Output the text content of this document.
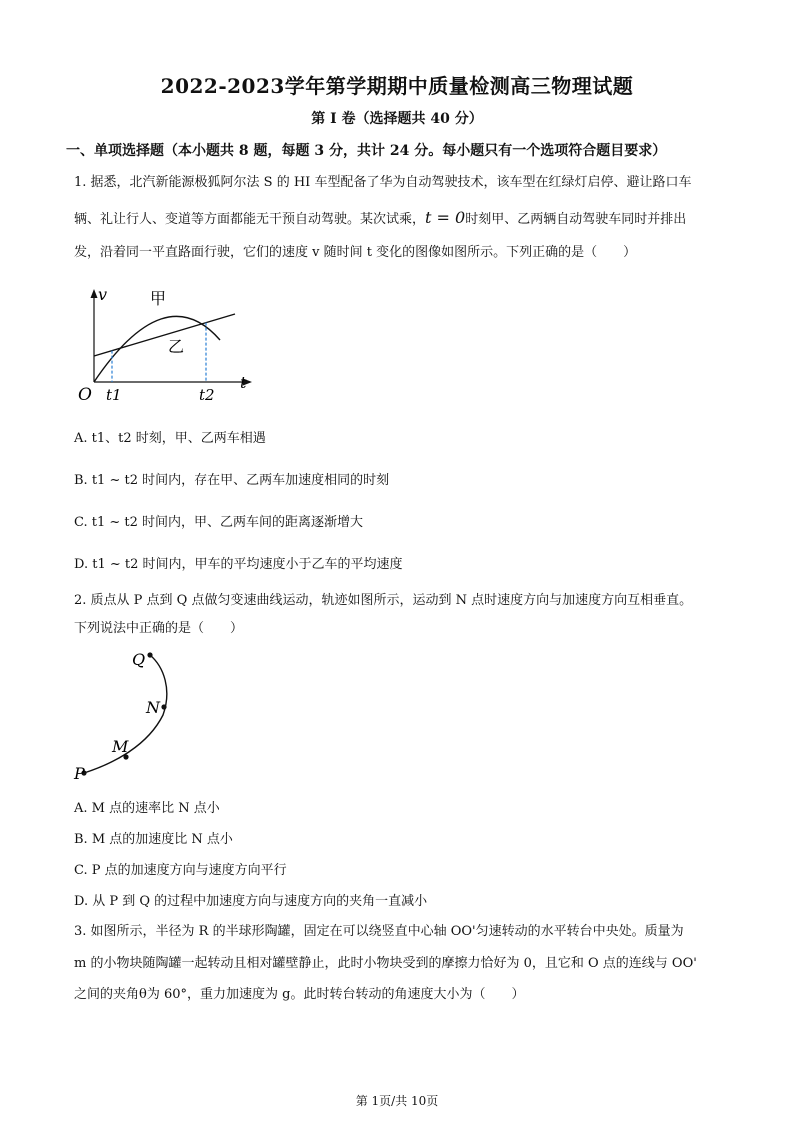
2022-2023学年第学期期中质量检测高三物理试题
第 I 卷（选择题共 40 分）
一、单项选择题（本小题共 8 题，每题 3 分，共计 24 分。每小题只有一个选项符合题目要求）
1. 据悉，北汽新能源极狐阿尔法 S 的 HI 车型配备了华为自动驾驶技术，该车型在红绿灯启停、避让路口车
辆、礼让行人、变道等方面都能无干预自动驾驶。某次试乘，t = 0时刻甲、乙两辆自动驾驶车同时并排出
发，沿着同一平直路面行驶，它们的速度 v 随时间 t 变化的图像如图所示。下列正确的是（　　）
v
t
O t1	t2
甲
乙
A. t1、t2 时刻，甲、乙两车相遇
B. t1 ~ t2 时间内，存在甲、乙两车加速度相同的时刻
C. t1 ~ t2 时间内，甲、乙两车间的距离逐渐增大
D. t1 ~ t2 时间内，甲车的平均速度小于乙车的平均速度
2. 质点从 P 点到 Q 点做匀变速曲线运动，轨迹如图所示，运动到 N 点时速度方向与加速度方向互相垂直。
下列说法中正确的是（　　）
Q
N
M
P
A. M 点的速率比 N 点小
B. M 点的加速度比 N 点小
C. P 点的加速度方向与速度方向平行
D. 从 P 到 Q 的过程中加速度方向与速度方向的夹角一直减小
3. 如图所示，半径为 R 的半球形陶罐，固定在可以绕竖直中心轴 OO'匀速转动的水平转台中央处。质量为
m 的小物块随陶罐一起转动且相对罐壁静止，此时小物块受到的摩擦力恰好为 0，且它和 O 点的连线与 OO'
之间的夹角θ为 60°，重力加速度为 g。此时转台转动的角速度大小为（　　）
第 1页/共 10页
